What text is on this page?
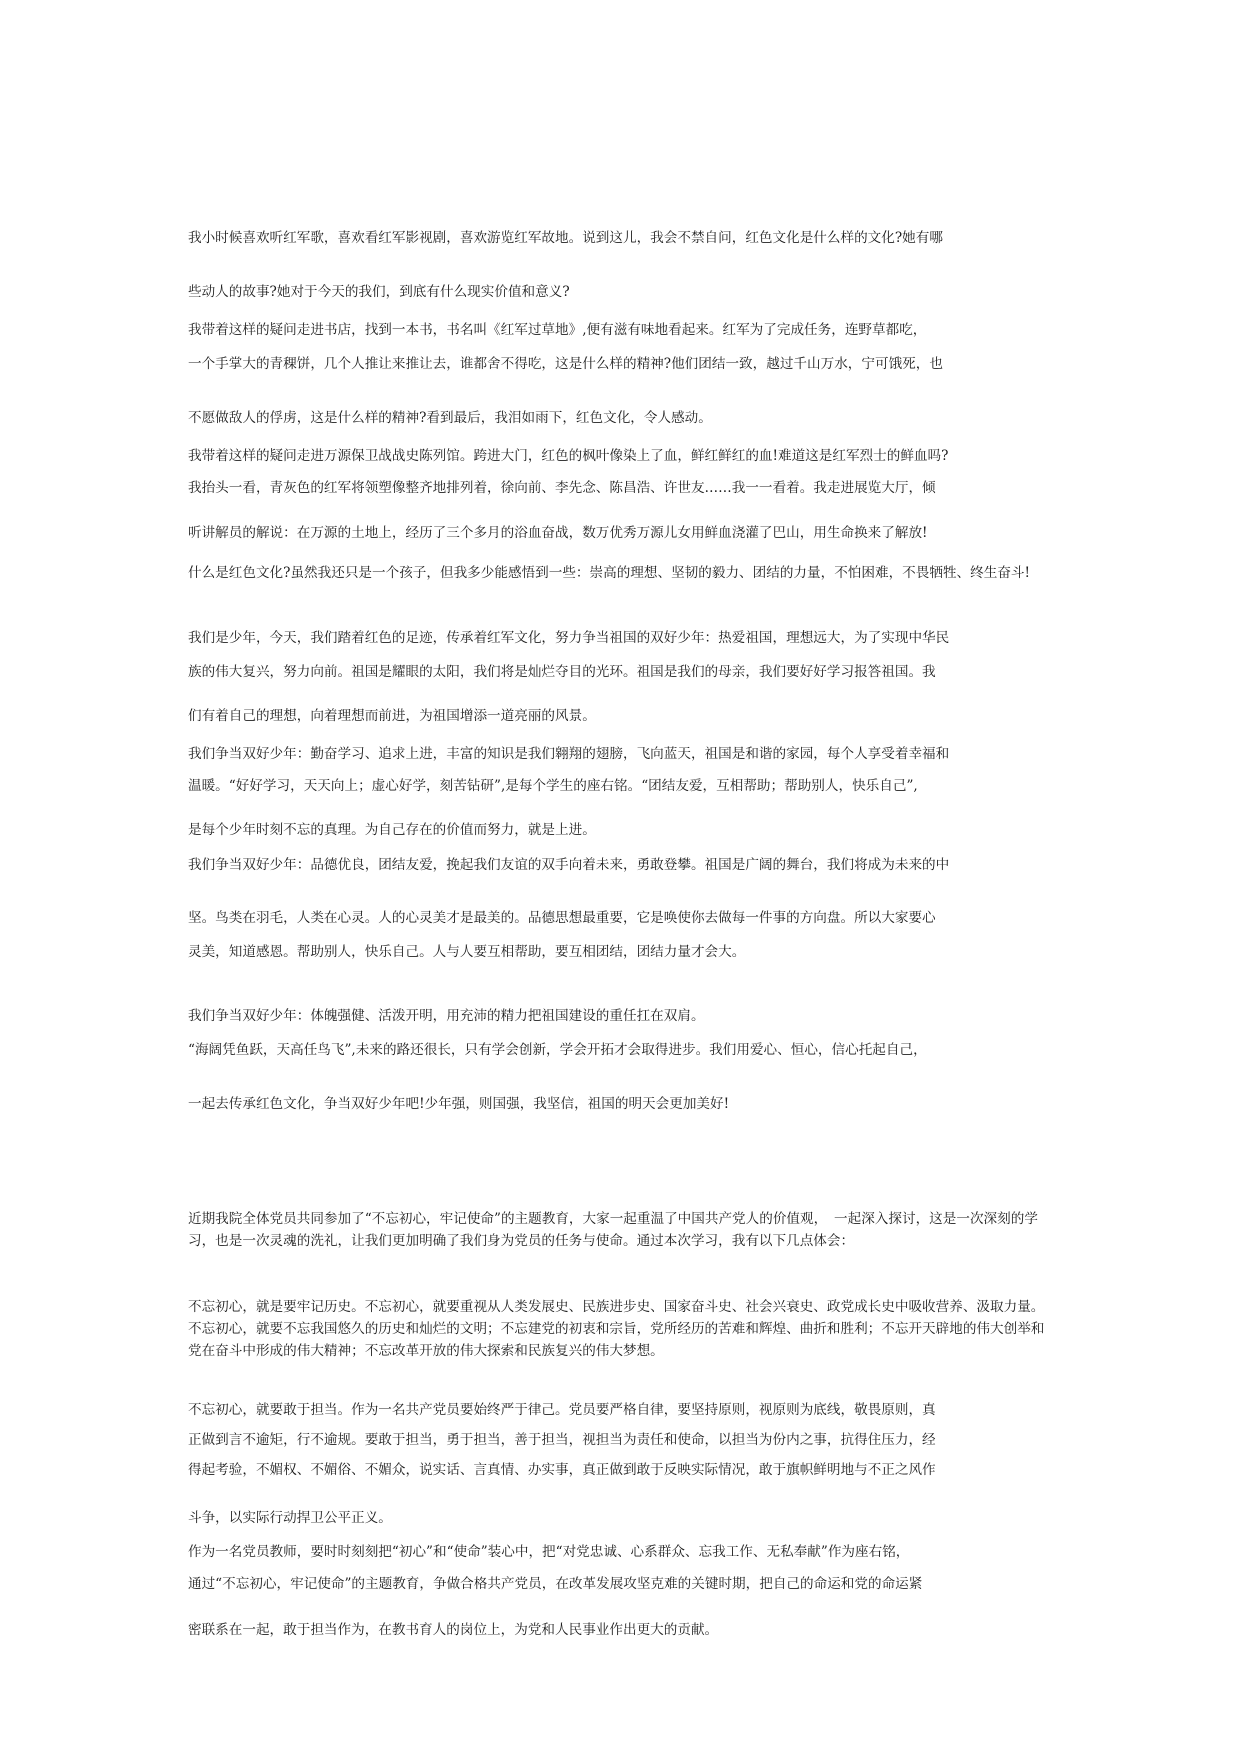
我小时候喜欢听红军歌，喜欢看红军影视剧，喜欢游览红军故地。说到这儿，我会不禁自问，红色文化是什么样的文化?她有哪

些动人的故事?她对于今天的我们，到底有什么现实价值和意义?

我带着这样的疑问走进书店，找到一本书，书名叫《红军过草地》,便有滋有味地看起来。红军为了完成任务，连野草都吃，

一个手掌大的青稞饼，几个人推让来推让去，谁都舍不得吃，这是什么样的精神?他们团结一致，越过千山万水，宁可饿死，也

不愿做敌人的俘虏，这是什么样的精神?看到最后，我泪如雨下，红色文化，令人感动。

我带着这样的疑问走进万源保卫战战史陈列馆。跨进大门，红色的枫叶像染上了血，鲜红鲜红的血!难道这是红军烈士的鲜血吗?

我抬头一看，青灰色的红军将领塑像整齐地排列着，徐向前、李先念、陈昌浩、许世友……我一一看着。我走进展览大厅，倾

听讲解员的解说：在万源的土地上，经历了三个多月的浴血奋战，数万优秀万源儿女用鲜血浇灌了巴山，用生命换来了解放!

什么是红色文化?虽然我还只是一个孩子，但我多少能感悟到一些：崇高的理想、坚韧的毅力、团结的力量，不怕困难，不畏牺牲、终生奋斗!

我们是少年，今天，我们踏着红色的足迹，传承着红军文化，努力争当祖国的双好少年：热爱祖国，理想远大，为了实现中华民

族的伟大复兴，努力向前。祖国是耀眼的太阳，我们将是灿烂夺目的光环。祖国是我们的母亲，我们要好好学习报答祖国。我

们有着自己的理想，向着理想而前进，为祖国增添一道亮丽的风景。

我们争当双好少年：勤奋学习、追求上进，丰富的知识是我们翱翔的翅膀，飞向蓝天，祖国是和谐的家园，每个人享受着幸福和

温暖。“好好学习，天天向上；虚心好学，刻苦钻研”,是每个学生的座右铭。“团结友爱，互相帮助；帮助别人，快乐自己”,

是每个少年时刻不忘的真理。为自己存在的价值而努力，就是上进。

我们争当双好少年：品德优良，团结友爱，挽起我们友谊的双手向着未来，勇敢登攀。祖国是广阔的舞台，我们将成为未来的中

坚。鸟类在羽毛，人类在心灵。人的心灵美才是最美的。品德思想最重要，它是唤使你去做每一件事的方向盘。所以大家要心

灵美，知道感恩。帮助别人，快乐自己。人与人要互相帮助，要互相团结，团结力量才会大。

我们争当双好少年：体魄强健、活泼开明，用充沛的精力把祖国建设的重任扛在双肩。

“海阔凭鱼跃，天高任鸟飞”,未来的路还很长，只有学会创新，学会开拓才会取得进步。我们用爱心、恒心，信心托起自己，

一起去传承红色文化，争当双好少年吧!少年强，则国强，我坚信，祖国的明天会更加美好!

近期我院全体党员共同参加了“不忘初心，牢记使命”的主题教育，大家一起重温了中国共产党人的价值观，　一起深入探讨，这是一次深刻的学习，也是一次灵魂的洗礼，让我们更加明确了我们身为党员的任务与使命。通过本次学习，我有以下几点体会：

不忘初心，就是要牢记历史。不忘初心，就要重视从人类发展史、民族进步史、国家奋斗史、社会兴衰史、政党成长史中吸收营养、汲取力量。不忘初心，就要不忘我国悠久的历史和灿烂的文明；不忘建党的初衷和宗旨，党所经历的苦难和辉煌、曲折和胜利；不忘开天辟地的伟大创举和党在奋斗中形成的伟大精神；不忘改革开放的伟大探索和民族复兴的伟大梦想。

不忘初心，就要敢于担当。作为一名共产党员要始终严于律己。党员要严格自律，要坚持原则，视原则为底线，敬畏原则，真

正做到言不逾矩，行不逾规。要敢于担当，勇于担当，善于担当，视担当为责任和使命，以担当为份内之事，抗得住压力，经

得起考验，不媚权、不媚俗、不媚众，说实话、言真情、办实事，真正做到敢于反映实际情况，敢于旗帜鲜明地与不正之风作

斗争，以实际行动捍卫公平正义。

作为一名党员教师，要时时刻刻把“初心”和“使命”装心中，把“对党忠诚、心系群众、忘我工作、无私奉献”作为座右铭，

通过“不忘初心，牢记使命”的主题教育，争做合格共产党员，在改革发展攻坚克难的关键时期，把自己的命运和党的命运紧

密联系在一起，敢于担当作为，在教书育人的岗位上，为党和人民事业作出更大的贡献。
